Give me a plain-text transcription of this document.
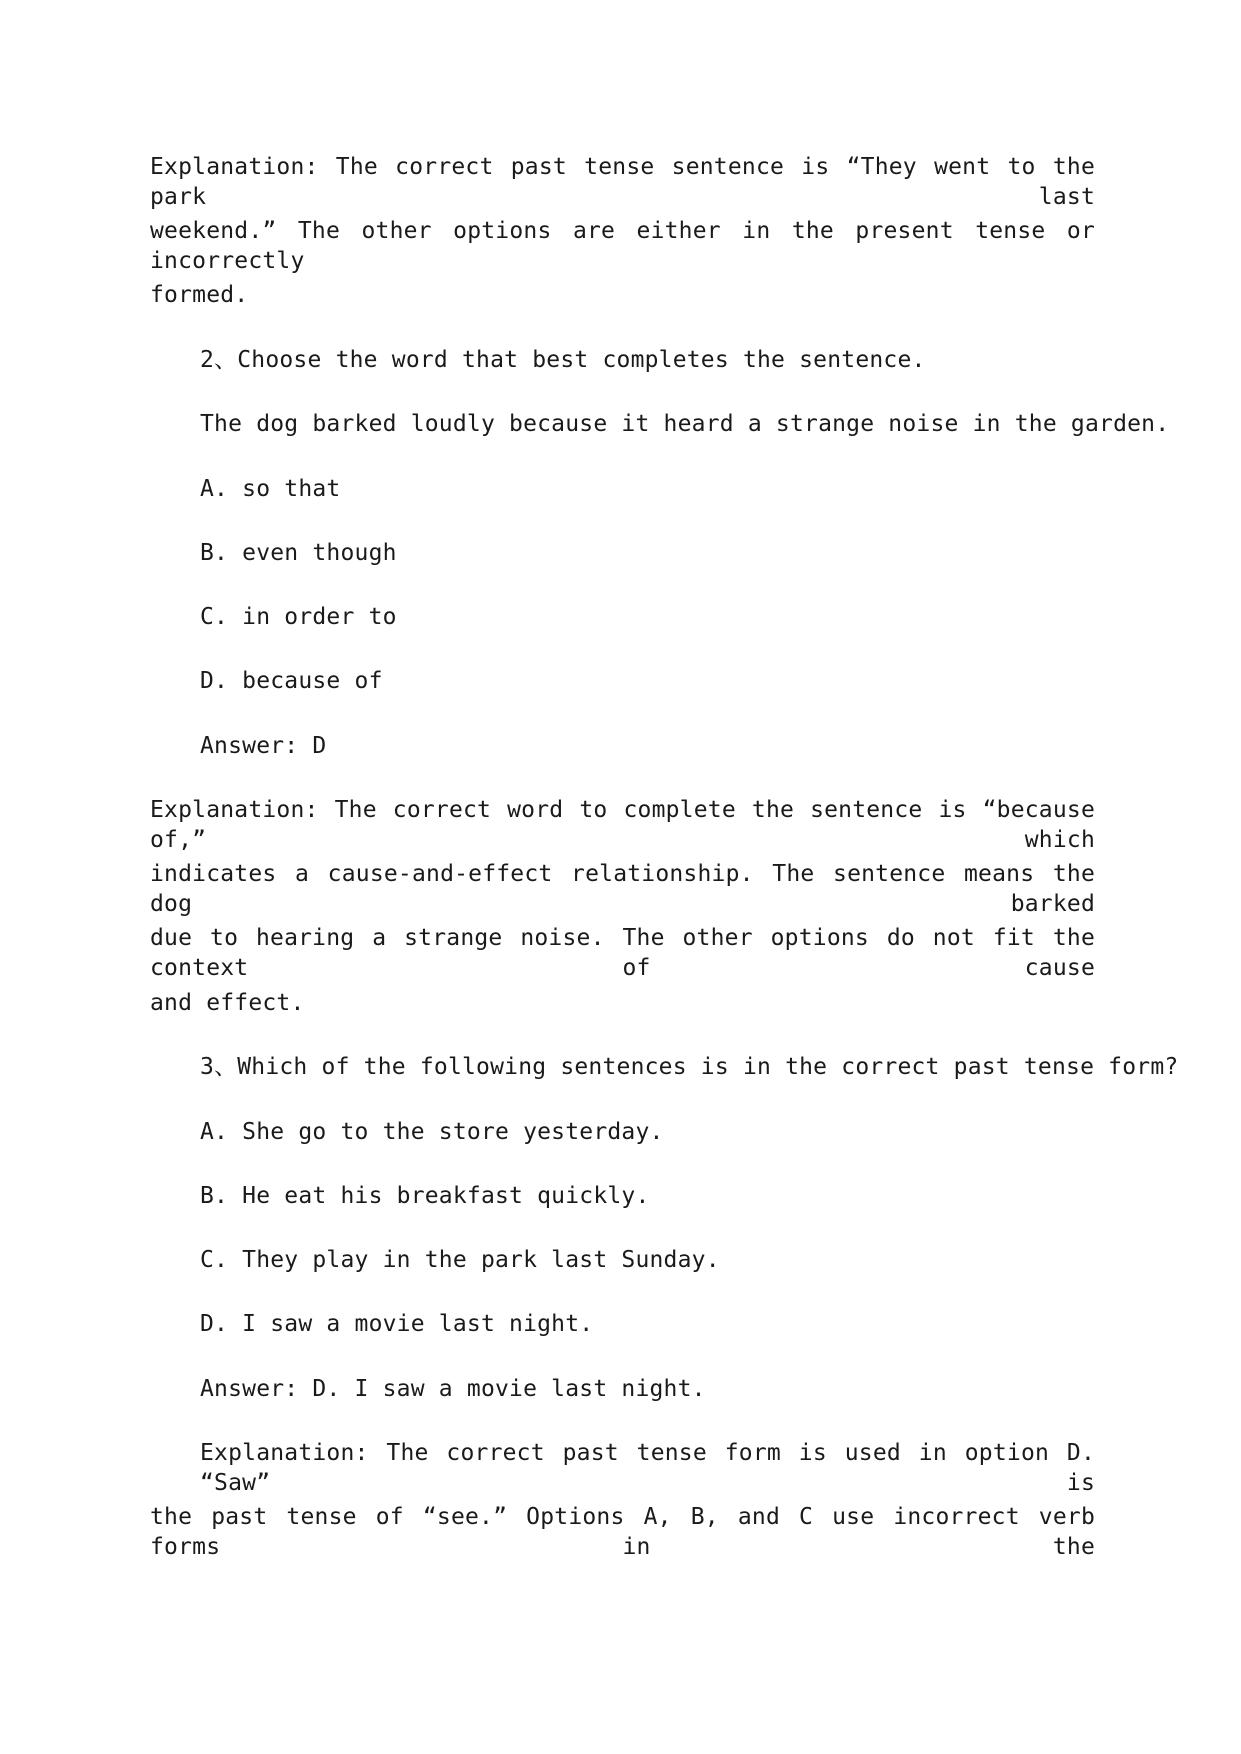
Explanation: The correct past tense sentence is “They went to the park last
weekend.” The other options are either in the present tense or incorrectly
formed.
2、Choose the word that best completes the sentence.
The dog barked loudly because it heard a strange noise in the garden.
A. so that
B. even though
C. in order to
D. because of
Answer: D
Explanation: The correct word to complete the sentence is “because of,” which
indicates a cause-and-effect relationship. The sentence means the dog barked
due to hearing a strange noise. The other options do not fit the context of cause
and effect.
3、Which of the following sentences is in the correct past tense form?
A. She go to the store yesterday.
B. He eat his breakfast quickly.
C. They play in the park last Sunday.
D. I saw a movie last night.
Answer: D. I saw a movie last night.
Explanation: The correct past tense form is used in option D. “Saw” is
the past tense of “see.” Options A, B, and C use incorrect verb forms in the
